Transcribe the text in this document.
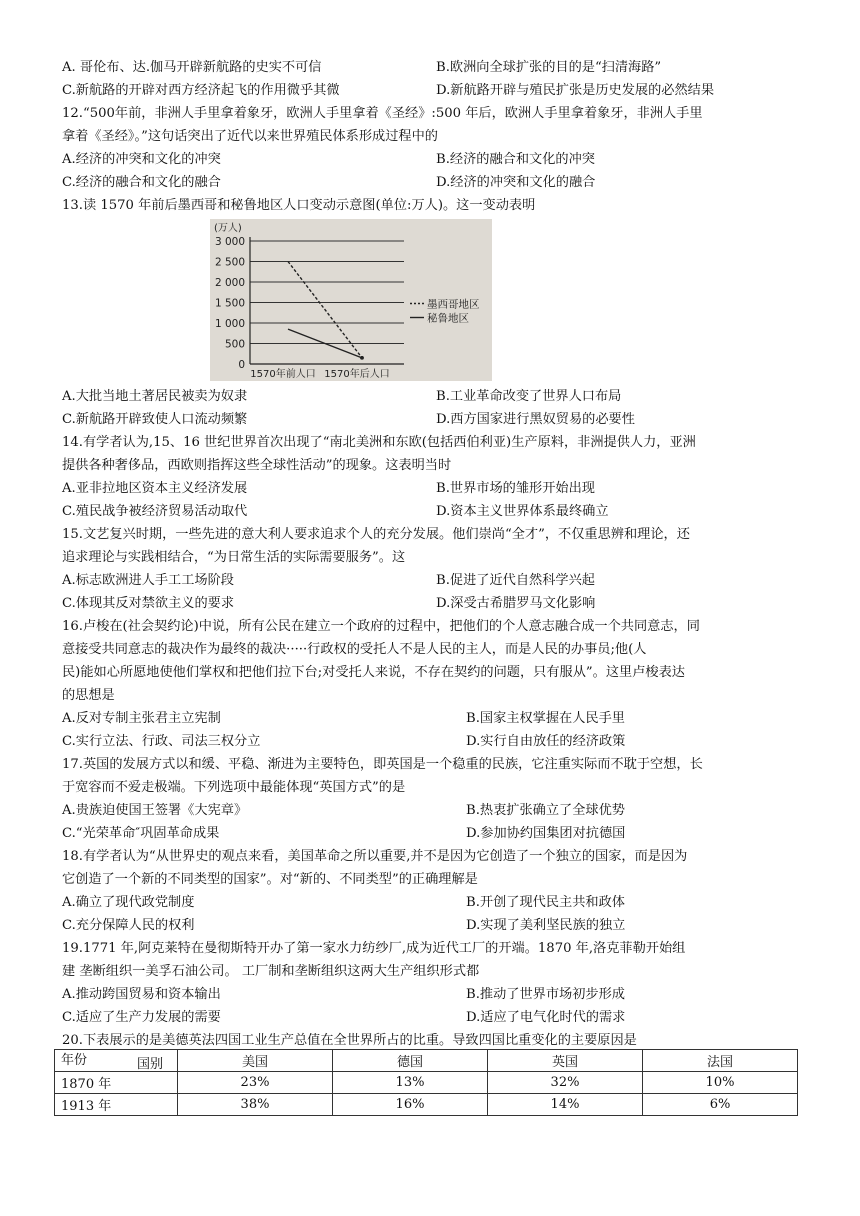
A. 哥伦布、达.伽马开辟新航路的史实不可信	B.欧洲向全球扩张的目的是“扫清海路”
C.新航路的开辟对西方经济起飞的作用微乎其微	D.新航路开辟与殖民扩张是历史发展的必然结果
12.“500年前，非洲人手里拿着象牙，欧洲人手里拿着《圣经》:500 年后，欧洲人手里拿着象牙，非洲人手里
拿着《圣经》。”这句话突出了近代以来世界殖民体系形成过程中的
A.经济的冲突和文化的冲突	B.经济的融合和文化的冲突
C.经济的融合和文化的融合	D.经济的冲突和文化的融合
13.读 1570 年前后墨西哥和秘鲁地区人口变动示意图(单位:万人)。这一变动表明
(万人)
0
500
1 000
1 500
2 000
2 500
3 000
1570年前人口 1570年后人口
墨西哥地区
秘鲁地区
A.大批当地土著居民被卖为奴隶	B.工业革命改变了世界人口布局
C.新航路开辟致使人口流动频繁	D.西方国家进行黑奴贸易的必要性
14.有学者认为,15、16 世纪世界首次出现了“南北美洲和东欧(包括西伯利亚)生产原料，非洲提供人力，亚洲
提供各种奢侈品，西欧则指挥这些全球性活动”的现象。这表明当时
A.亚非拉地区资本主义经济发展	B.世界市场的雏形开始出现
C.殖民战争被经济贸易活动取代	D.资本主义世界体系最终确立
15.文艺复兴时期，一些先进的意大利人要求追求个人的充分发展。他们崇尚“全才”，不仅重思辨和理论，还
追求理论与实践相结合，“为日常生活的实际需要服务”。这
A.标志欧洲进人手工工场阶段	B.促进了近代自然科学兴起
C.体现其反对禁欲主义的要求	D.深受古希腊罗马文化影响
16.卢梭在(社会契约论)中说，所有公民在建立一个政府的过程中，把他们的个人意志融合成一个共同意志，同
意接受共同意志的裁决作为最终的裁决·····行政权的受托人不是人民的主人，而是人民的办事员;他(人
民)能如心所愿地使他们掌权和把他们拉下台;对受托人来说，不存在契约的问题，只有服从”。这里卢梭表达
的思想是
A.反对专制主张君主立宪制	B.国家主权掌握在人民手里
C.实行立法、行政、司法三权分立	D.实行自由放任的经济政策
17.英国的发展方式以和缓、平稳、渐进为主要特色，即英国是一个稳重的民族，它注重实际而不耽于空想，长
于宽容而不爱走极端。下列选项中最能体现“英国方式”的是
A.贵族迫使国王签署《大宪章》	B.热衷扩张确立了全球优势
C.“光荣革命″巩固革命成果	D.参加协约国集团对抗德国
18.有学者认为“从世界史的观点来看，美国革命之所以重要,并不是因为它创造了一个独立的国家，而是因为
它创造了一个新的不同类型的国家”。对“新的、不同类型”的正确理解是
A.确立了现代政党制度	B.开创了现代民主共和政体
C.充分保障人民的权利	D.实现了美利坚民族的独立
19.1771 年,阿克莱特在曼彻斯特开办了第一家水力纺纱厂,成为近代工厂的开端。1870 年,洛克菲勒开始组
建 垄断组织一美孚石油公司。 工厂制和垄断组织这两大生产组织形式都
A.推动跨国贸易和资本输出	B.推动了世界市场初步形成
C.适应了生产力发展的需要	D.适应了电气化时代的需求
20.下表展示的是美德英法四国工业生产总值在全世界所占的比重。导致四国比重变化的主要原因是
国别
年份	美国	德国	英国	法国
1870 年	23%	13%	32%	10%
1913 年	38%	16%	14%	6%
